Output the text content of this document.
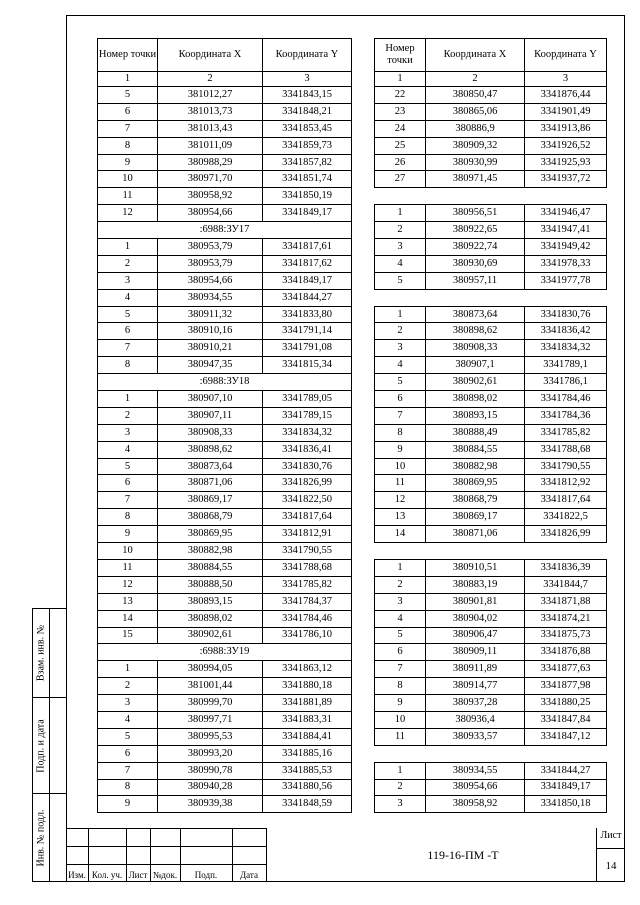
Взам. инв. №
Подп. и дата
Инв. № подл.
Номер точки	Координата X	Координата Y
1	2	3
5	381012,27	3341843,15
6	381013,73	3341848,21
7	381013,43	3341853,45
8	381011,09	3341859,73
9	380988,29	3341857,82
10	380971,70	3341851,74
11	380958,92	3341850,19
12	380954,66	3341849,17
:6988:ЗУ17		
1	380953,79	3341817,61
2	380953,79	3341817,62
3	380954,66	3341849,17
4	380934,55	3341844,27
5	380911,32	3341833,80
6	380910,16	3341791,14
7	380910,21	3341791,08
8	380947,35	3341815,34
:6988:ЗУ18		
1	380907,10	3341789,05
2	380907,11	3341789,15
3	380908,33	3341834,32
4	380898,62	3341836,41
5	380873,64	3341830,76
6	380871,06	3341826,99
7	380869,17	3341822,50
8	380868,79	3341817,64
9	380869,95	3341812,91
10	380882,98	3341790,55
11	380884,55	3341788,68
12	380888,50	3341785,82
13	380893,15	3341784,37
14	380898,02	3341784,46
15	380902,61	3341786,10
:6988:ЗУ19		
1	380994,05	3341863,12
2	381001,44	3341880,18
3	380999,70	3341881,89
4	380997,71	3341883,31
5	380995,53	3341884,41
6	380993,20	3341885,16
7	380990,78	3341885,53
8	380940,28	3341880,56
9	380939,38	3341848,59
Номер точки	Координата X	Координата Y
1	2	3
22	380850,47	3341876,44
23	380865,06	3341901,49
24	380886,9	3341913,86
25	380909,32	3341926,52
26	380930,99	3341925,93
27	380971,45	3341937,72

1	380956,51	3341946,47
2	380922,65	3341947,41
3	380922,74	3341949,42
4	380930,69	3341978,33
5	380957,11	3341977,78

1	380873,64	3341830,76
2	380898,62	3341836,42
3	380908,33	3341834,32
4	380907,1	3341789,1
5	380902,61	3341786,1
6	380898,02	3341784,46
7	380893,15	3341784,36
8	380888,49	3341785,82
9	380884,55	3341788,68
10	380882,98	3341790,55
11	380869,95	3341812,92
12	380868,79	3341817,64
13	380869,17	3341822,5
14	380871,06	3341826,99

1	380910,51	3341836,39
2	380883,19	3341844,7
3	380901,81	3341871,88
4	380904,02	3341874,21
5	380906,47	3341875,73
6	380909,11	3341876,88
7	380911,89	3341877,63
8	380914,77	3341877,98
9	380937,28	3341880,25
10	380936,4	3341847,84
11	380933,57	3341847,12

1	380934,55	3341844,27
2	380954,66	3341849,17
3	380958,92	3341850,18
Изм. Кол. уч. Лист №док.	Подп.	Дата
119-16-ПМ -Т
Лист
14
